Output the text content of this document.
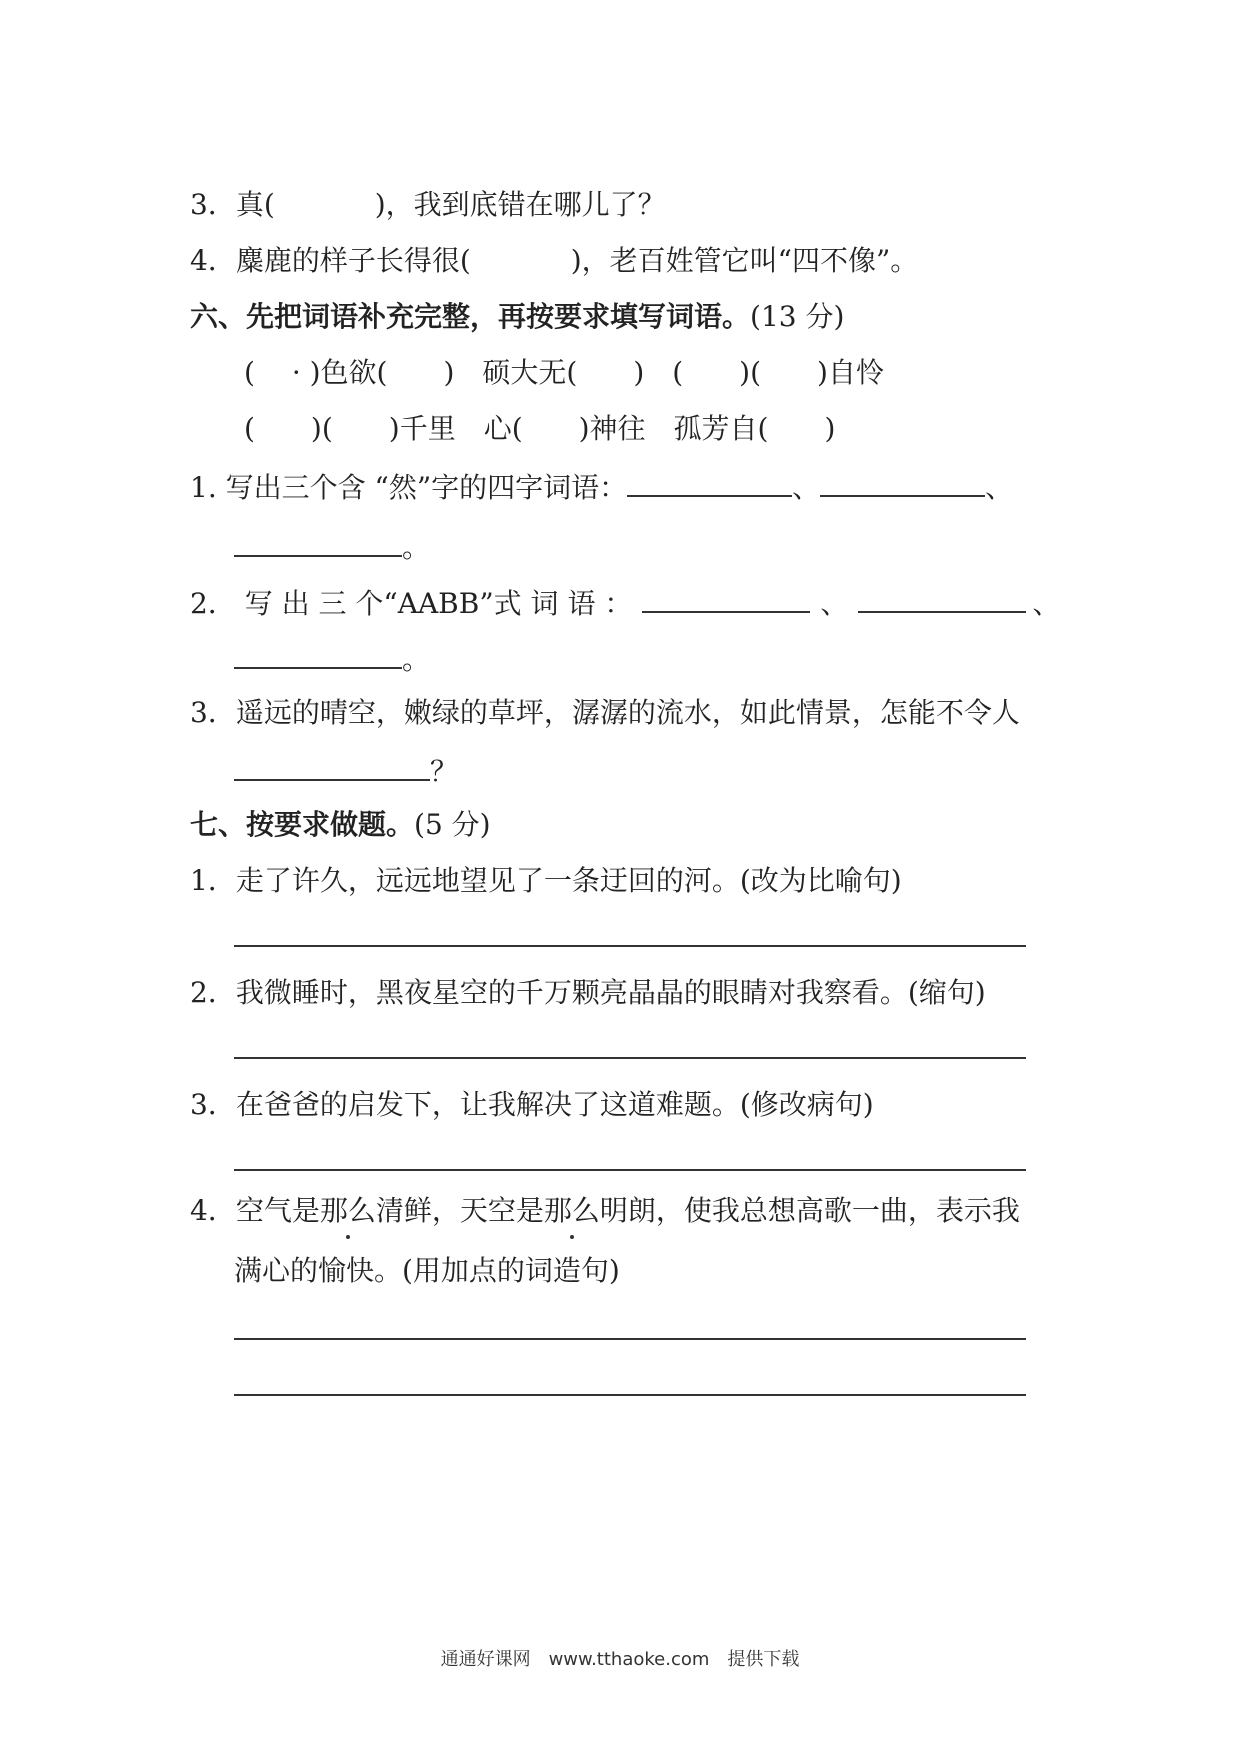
3．真(	)，我到底错在哪儿了？
4．麋鹿的样子长得很(	)，老百姓管它叫“四不像”。
六、先把词语补充完整，再按要求填写词语。(13 分)
(　 · )色欲(　　)　硕大无(　　)　(　　)(　　)自怜
(　　)(　　)千里　心(　　)神往　孤芳自(　　)
1. 写出三个含 “然”字的四字词语：	、	、
。
2． 写 出 三 个“AABB”式 词 语 ：	、	、
。
3．遥远的晴空，嫩绿的草坪，潺潺的流水，如此情景，怎能不令人
？
七、按要求做题。(5 分)
1．走了许久，远远地望见了一条迂回的河。(改为比喻句)
2．我微睡时，黑夜星空的千万颗亮晶晶的眼睛对我察看。(缩句)
3．在爸爸的启发下，让我解决了这道难题。(修改病句)
4．空气是那么清鲜，天空是那么明朗，使我总想高歌一曲，表示我
满心的愉快。(用加点的词造句)
通通好课网　www.tthaoke.com　提供下载
